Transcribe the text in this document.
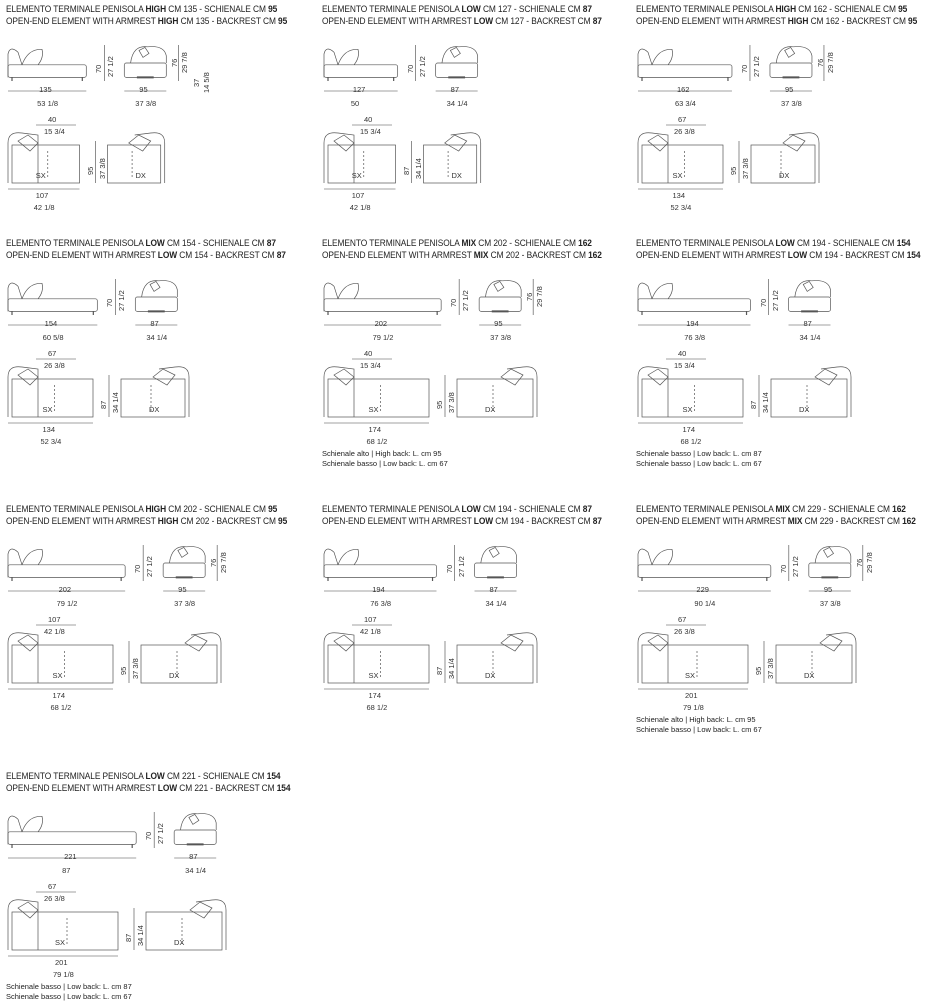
ELEMENTO TERMINALE PENISOLA HIGH CM 135 - SCHIENALE CM 95
OPEN-END ELEMENT WITH ARMREST HIGH CM 135 - BACKREST CM 95
135
53 1/8
70 27 1/2
95
37 3/8
76 29 7/8
37 14 5/8
40
15 3/4
95 37 3/8
SX	DX
107
42 1/8
ELEMENTO TERMINALE PENISOLA LOW CM 127 - SCHIENALE CM 87
OPEN-END ELEMENT WITH ARMREST LOW CM 127 - BACKREST CM 87
127
50
70 27 1/2
87
34 1/4
40
15 3/4
87 34 1/4
SX	DX
107
42 1/8
ELEMENTO TERMINALE PENISOLA HIGH CM 162 - SCHIENALE CM 95
OPEN-END ELEMENT WITH ARMREST HIGH CM 162 - BACKREST CM 95
162
63 3/4
70 27 1/2
95
37 3/8
76 29 7/8
67
26 3/8
95 37 3/8
SX	DX
134
52 3/4
ELEMENTO TERMINALE PENISOLA LOW CM 154 - SCHIENALE CM 87
OPEN-END ELEMENT WITH ARMREST LOW CM 154 - BACKREST CM 87
154
60 5/8
70 27 1/2
87
34 1/4
67
26 3/8
87 34 1/4
SX	DX
134
52 3/4
ELEMENTO TERMINALE PENISOLA MIX CM 202 - SCHIENALE CM 162
OPEN-END ELEMENT WITH ARMREST MIX CM 202 - BACKREST CM 162
202
79 1/2
70 27 1/2
95
37 3/8
76 29 7/8
40
15 3/4
95 37 3/8
SX	DX
174
68 1/2
Schienale alto | High back: L. cm 95
Schienale basso | Low back: L. cm 67
ELEMENTO TERMINALE PENISOLA LOW CM 194 - SCHIENALE CM 154
OPEN-END ELEMENT WITH ARMREST LOW CM 194 - BACKREST CM 154
194
76 3/8
70 27 1/2
87
34 1/4
40
15 3/4
87 34 1/4
SX	DX
174
68 1/2
Schienale basso | Low back: L. cm 87
Schienale basso | Low back: L. cm 67
ELEMENTO TERMINALE PENISOLA HIGH CM 202 - SCHIENALE CM 95
OPEN-END ELEMENT WITH ARMREST HIGH CM 202 - BACKREST CM 95
202
79 1/2
70 27 1/2
95
37 3/8
76 29 7/8
107
42 1/8
95 37 3/8
SX	DX
174
68 1/2
ELEMENTO TERMINALE PENISOLA LOW CM 194 - SCHIENALE CM 87
OPEN-END ELEMENT WITH ARMREST LOW CM 194 - BACKREST CM 87
194
76 3/8
70 27 1/2
87
34 1/4
107
42 1/8
87 34 1/4
SX	DX
174
68 1/2
ELEMENTO TERMINALE PENISOLA MIX CM 229 - SCHIENALE CM 162
OPEN-END ELEMENT WITH ARMREST MIX CM 229 - BACKREST CM 162
229
90 1/4
70 27 1/2
95
37 3/8
76 29 7/8
67
26 3/8
95 37 3/8
SX	DX
201
79 1/8
Schienale alto | High back: L. cm 95
Schienale basso | Low back: L. cm 67
ELEMENTO TERMINALE PENISOLA LOW CM 221 - SCHIENALE CM 154
OPEN-END ELEMENT WITH ARMREST LOW CM 221 - BACKREST CM 154
221
87
70 27 1/2
87
34 1/4
67
26 3/8
87 34 1/4
SX	DX
201
79 1/8
Schienale basso | Low back: L. cm 87
Schienale basso | Low back: L. cm 67
